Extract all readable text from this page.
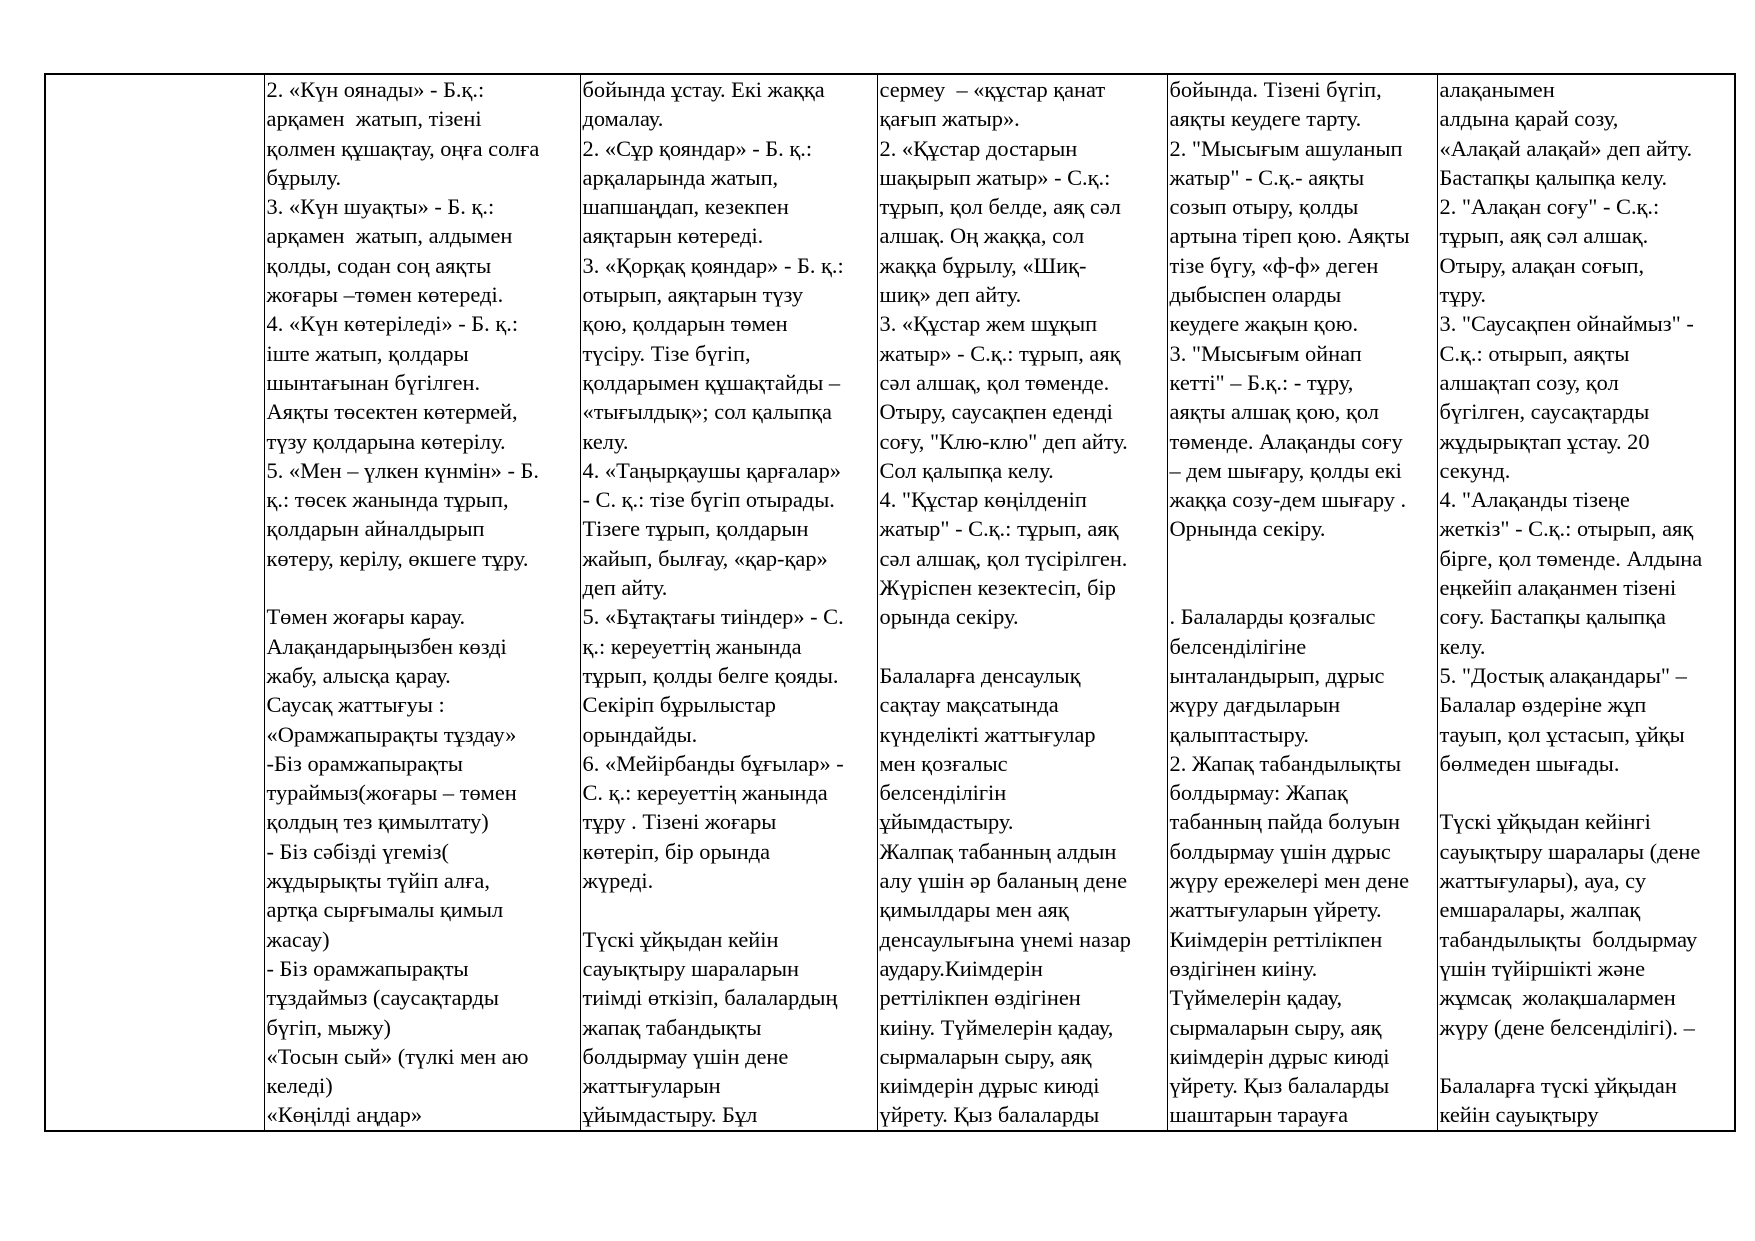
2. «Күн оянады» - Б.қ.:
арқамен  жатып, тізені
қолмен құшақтау, оңға солға
бұрылу.
3. «Күн шуақты» - Б. қ.:
арқамен  жатып, алдымен
қолды, содан соң аяқты
жоғары –төмен көтереді.
4. «Күн көтеріледі» - Б. қ.:
іште жатып, қолдары
шынтағынан бүгілген.
Аяқты төсектен көтермей,
түзу қолдарына көтерілу.
5. «Мен – үлкен күнмін» - Б.
қ.: төсек жанында тұрып,
қолдарын айналдырып
көтеру, керілу, өкшеге тұру.

Төмен жоғары карау.
Алақандарыңызбен көзді
жабу, алысқа қарау.
Саусақ жаттығуы :
«Орамжапырақты тұздау»
-Біз орамжапырақты
тураймыз(жоғары – төмен
қолдың тез қимылтату)
- Біз сәбізді үгеміз(
жұдырықты түйіп алға,
артқа сырғымалы қимыл
жасау)
- Біз орамжапырақты
тұздаймыз (саусақтарды
бүгіп, мыжу)
«Тосын сый» (түлкі мен аю
келеді)
«Көңілді аңдар»

бойында ұстау. Екі жаққа
домалау.
2. «Сұр қояндар» - Б. қ.:
арқаларында жатып,
шапшаңдап, кезекпен
аяқтарын көтереді.
3. «Қорқақ қояндар» - Б. қ.:
отырып, аяқтарын түзу
қою, қолдарын төмен
түсіру. Тізе бүгіп,
қолдарымен құшақтайды –
«тығылдық»; сол қалыпқа
келу.
4. «Таңырқаушы қарғалар»
- С. қ.: тізе бүгіп отырады.
Тізеге тұрып, қолдарын
жайып, былғау, «қар-қар»
деп айту.
5. «Бұтақтағы тиіндер» - С.
қ.: кереуеттің жанында
тұрып, қолды белге қояды.
Секіріп бұрылыстар
орындайды.
6. «Мейірбанды бұғылар» -
С. қ.: кереуеттің жанында
тұру . Тізені жоғары
көтеріп, бір орында
жүреді.

Түскі ұйқыдан кейін
сауықтыру шараларын
тиімді өткізіп, балалардың
жапақ табандықты
болдырмау үшін дене
жаттығуларын
ұйымдастыру. Бұл

сермеу  – «құстар қанат
қағып жатыр».
2. «Құстар достарын
шақырып жатыр» - С.қ.:
тұрып, қол белде, аяқ сәл
алшақ. Оң жаққа, сол
жаққа бұрылу, «Шиқ-
шиқ» деп айту.
3. «Құстар жем шұқып
жатыр» - С.қ.: тұрып, аяқ
сәл алшақ, қол төменде.
Отыру, саусақпен еденді
соғу, "Клю-клю" деп айту.
Сол қалыпқа келу.
4. "Құстар көңілденіп
жатыр" - С.қ.: тұрып, аяқ
сәл алшақ, қол түсірілген.
Жүріспен кезектесіп, бір
орында секіру.

Балаларға денсаулық
сақтау мақсатында
күнделікті жаттығулар
мен қозғалыс
белсенділігін
ұйымдастыру.
Жалпақ табанның алдын
алу үшін әр баланың дене
қимылдары мен аяқ
денсаулығына үнемі назар
аудару.Киімдерін
реттілікпен өздігінен
киіну. Түймелерін қадау,
сырмаларын сыру, аяқ
киімдерін дұрыс киюді
үйрету. Қыз балаларды

бойында. Тізені бүгіп,
аяқты кеудеге тарту.
2. "Мысығым ашуланып
жатыр" - С.қ.- аяқты
созып отыру, қолды
артына тіреп қою. Аяқты
тізе бүгу, «ф-ф» деген
дыбыспен оларды
кеудеге жақын қою.
3. "Мысығым ойнап
кетті" – Б.қ.: - тұру,
аяқты алшақ қою, қол
төменде. Алақанды соғу
– дем шығару, қолды екі
жаққа созу-дем шығару .
Орнында секіру.

. Балаларды қозғалыс
белсенділігіне
ынталандырып, дұрыс
жүру дағдыларын
қалыптастыру.
2. Жапақ табандылықты
болдырмау: Жапақ
табанның пайда болуын
болдырмау үшін дұрыс
жүру ережелері мен дене
жаттығуларын үйрету.
Киімдерін реттілікпен
өздігінен киіну.
Түймелерін қадау,
сырмаларын сыру, аяқ
киімдерін дұрыс киюді
үйрету. Қыз балаларды
шаштарын тарауға

алақанымен
алдына қарай созу,
«Алақай алақай» деп айту.
Бастапқы қалыпқа келу.
2. "Алақан соғу" - С.қ.:
тұрып, аяқ сәл алшақ.
Отыру, алақан соғып,
тұру.
3. "Саусақпен ойнаймыз" -
С.қ.: отырып, аяқты
алшақтап созу, қол
бүгілген, саусақтарды
жұдырықтап ұстау. 20
секунд.
4. "Алақанды тізеңе
жеткіз" - С.қ.: отырып, аяқ
бірге, қол төменде. Алдына
еңкейіп алақанмен тізені
соғу. Бастапқы қалыпқа
келу.
5. "Достық алақандары" –
Балалар өздеріне жұп
тауып, қол ұстасып, ұйқы
бөлмеден шығады.

Түскі ұйқыдан кейінгі
сауықтыру шаралары (дене
жаттығулары), ауа, су
емшаралары, жалпақ
табандылықты  болдырмау
үшін түйіршікті және
жұмсақ  жолақшалармен
жүру (дене белсенділігі). –

Балаларға түскі ұйқыдан
кейін сауықтыру
